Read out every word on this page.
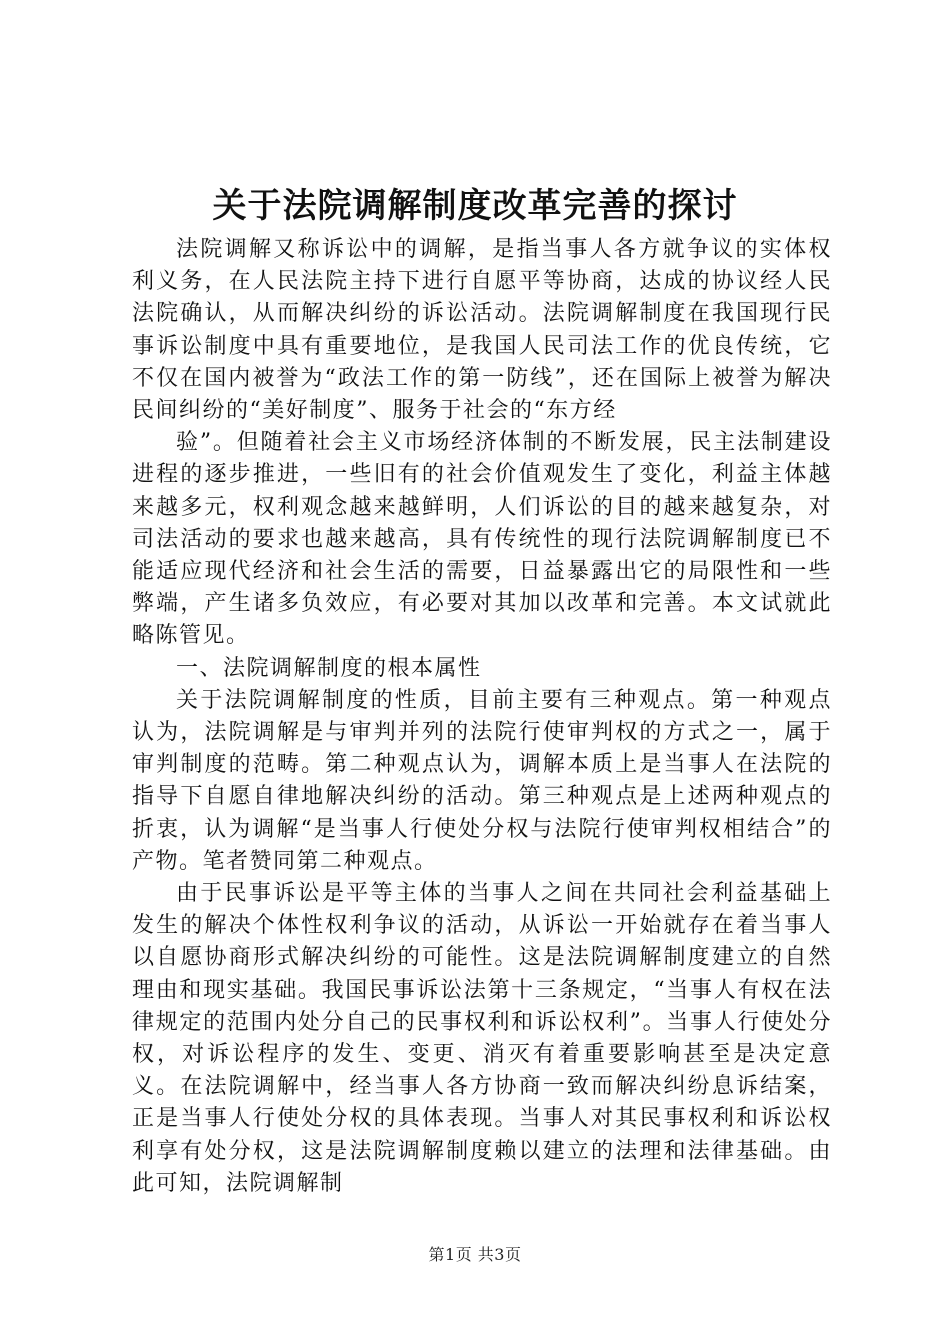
关于法院调解制度改革完善的探讨

法院调解又称诉讼中的调解，是指当事人各方就争议的实体权利义务，在人民法院主持下进行自愿平等协商，达成的协议经人民法院确认，从而解决纠纷的诉讼活动。法院调解制度在我国现行民事诉讼制度中具有重要地位，是我国人民司法工作的优良传统，它不仅在国内被誉为“政法工作的第一防线”，还在国际上被誉为解决民间纠纷的“美好制度”、服务于社会的“东方经

验”。但随着社会主义市场经济体制的不断发展，民主法制建设进程的逐步推进，一些旧有的社会价值观发生了变化，利益主体越来越多元，权利观念越来越鲜明，人们诉讼的目的越来越复杂，对司法活动的要求也越来越高，具有传统性的现行法院调解制度已不能适应现代经济和社会生活的需要，日益暴露出它的局限性和一些弊端，产生诸多负效应，有必要对其加以改革和完善。本文试就此略陈管见。

一、法院调解制度的根本属性

关于法院调解制度的性质，目前主要有三种观点。第一种观点认为，法院调解是与审判并列的法院行使审判权的方式之一，属于审判制度的范畴。第二种观点认为，调解本质上是当事人在法院的指导下自愿自律地解决纠纷的活动。第三种观点是上述两种观点的折衷，认为调解“是当事人行使处分权与法院行使审判权相结合”的产物。笔者赞同第二种观点。

由于民事诉讼是平等主体的当事人之间在共同社会利益基础上发生的解决个体性权利争议的活动，从诉讼一开始就存在着当事人以自愿协商形式解决纠纷的可能性。这是法院调解制度建立的自然理由和现实基础。我国民事诉讼法第十三条规定，“当事人有权在法律规定的范围内处分自己的民事权利和诉讼权利”。当事人行使处分权，对诉讼程序的发生、变更、消灭有着重要影响甚至是决定意义。在法院调解中，经当事人各方协商一致而解决纠纷息诉结案，正是当事人行使处分权的具体表现。当事人对其民事权利和诉讼权利享有处分权，这是法院调解制度赖以建立的法理和法律基础。由此可知，法院调解制

第1页 共3页
